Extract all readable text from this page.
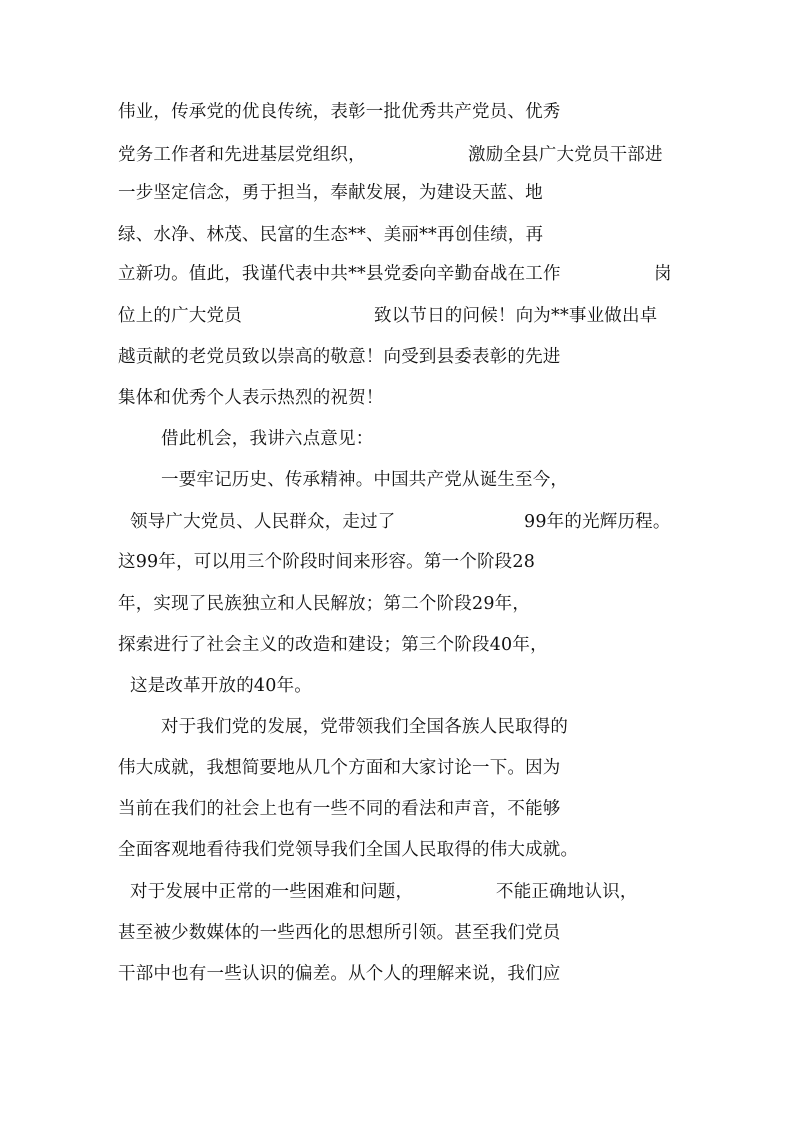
伟业，传承党的优良传统，表彰一批优秀共产党员、优秀
党务工作者和先进基层党组织，	激励全县广大党员干部进
一步坚定信念，勇于担当，奉献发展，为建设天蓝、地
绿、水净、林茂、民富的生态**、美丽**再创佳绩，再
立新功。值此，我谨代表中共**县党委向辛勤奋战在工作	岗
位上的广大党员	致以节日的问候！向为**事业做出卓
越贡献的老党员致以崇高的敬意！向受到县委表彰的先进
集体和优秀个人表示热烈的祝贺！
借此机会，我讲六点意见：
一要牢记历史、传承精神。中国共产党从诞生至今，
领导广大党员、人民群众，走过了	99年的光辉历程。
这99年，可以用三个阶段时间来形容。第一个阶段28
年，实现了民族独立和人民解放；第二个阶段29年，
探索进行了社会主义的改造和建设；第三个阶段40年，
这是改革开放的40年。
对于我们党的发展，党带领我们全国各族人民取得的
伟大成就，我想简要地从几个方面和大家讨论一下。因为
当前在我们的社会上也有一些不同的看法和声音，不能够
全面客观地看待我们党领导我们全国人民取得的伟大成就。
对于发展中正常的一些困难和问题，	不能正确地认识，
甚至被少数媒体的一些西化的思想所引领。甚至我们党员
干部中也有一些认识的偏差。从个人的理解来说，我们应
